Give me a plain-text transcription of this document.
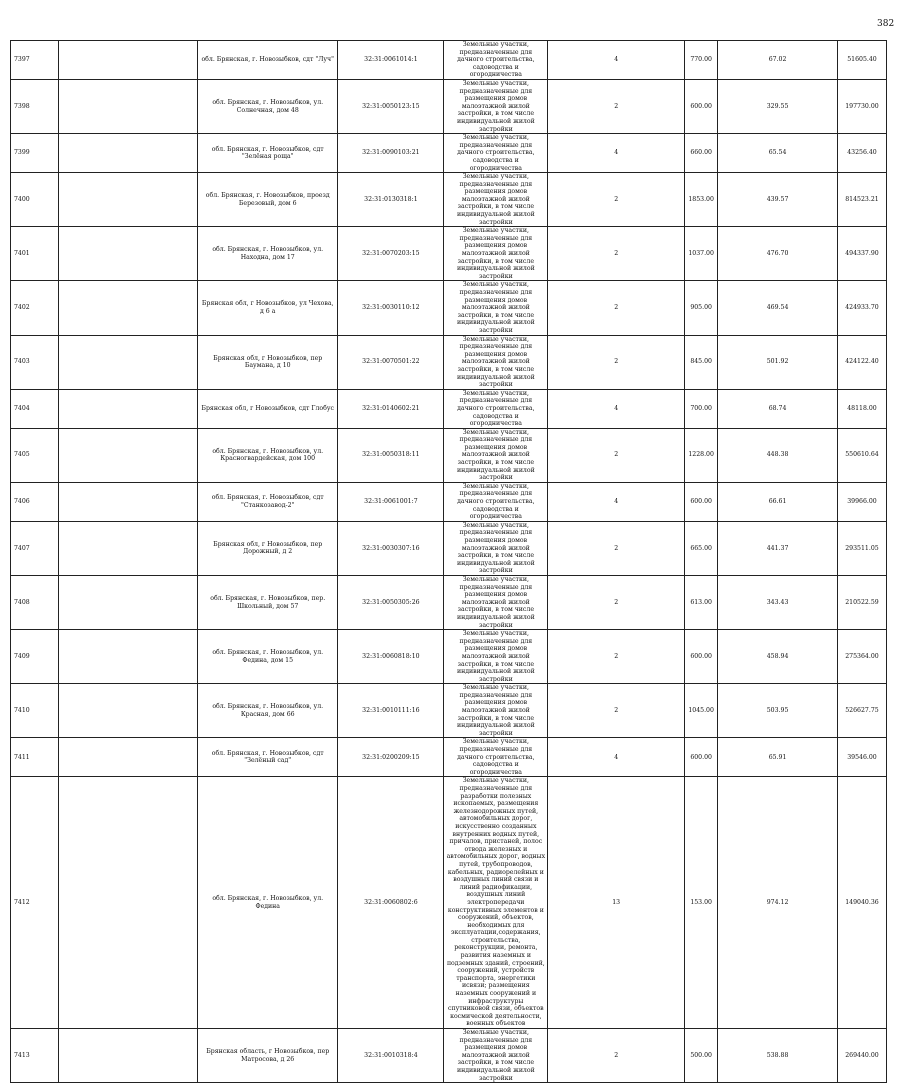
382
7397		обл. Брянская, г. Новозыбков, сдт "Луч"	32:31:0061014:1	Земельные участки, предназначенные для дачного строительства, садоводства и огородничества	4	770.00	67.02	51605.40
7398		обл. Брянская, г. Новозыбков, ул. Солнечная, дом 48	32:31:0050123:15	Земельные участки, предназначенные для размещения домов малоэтажной жилой застройки, в том числе индивидуальной жилой застройки	2	600.00	329.55	197730.00
7399		обл. Брянская, г. Новозыбков, сдт "Зелёная роща"	32:31:0090103:21	Земельные участки, предназначенные для дачного строительства, садоводства и огородничества	4	660.00	65.54	43256.40
7400		обл. Брянская, г. Новозыбков, проезд Березовый, дом 6	32:31:0130318:1	Земельные участки, предназначенные для размещения домов малоэтажной жилой застройки, в том числе индивидуальной жилой застройки	2	1853.00	439.57	814523.21
7401		обл. Брянская, г. Новозыбков, ул. Находна, дом 17	32:31:0070203:15	Земельные участки, предназначенные для размещения домов малоэтажной жилой застройки, в том числе индивидуальной жилой застройки	2	1037.00	476.70	494337.90
7402		Брянская обл, г Новозыбков, ул Чехова, д 6 а	32:31:0030110:12	Земельные участки, предназначенные для размещения домов малоэтажной жилой застройки, в том числе индивидуальной жилой застройки	2	905.00	469.54	424933.70
7403		Брянская обл, г Новозыбков, пер Баумана, д 10	32:31:0070501:22	Земельные участки, предназначенные для размещения домов малоэтажной жилой застройки, в том числе индивидуальной жилой застройки	2	845.00	501.92	424122.40
7404		Брянская обл, г Новозыбков, сдт Глобус	32:31:0140602:21	Земельные участки, предназначенные для дачного строительства, садоводства и огородничества	4	700.00	68.74	48118.00
7405		обл. Брянская, г. Новозыбков, ул. Красногвардейская, дом 100	32:31:0050318:11	Земельные участки, предназначенные для размещения домов малоэтажной жилой застройки, в том числе индивидуальной жилой застройки	2	1228.00	448.38	550610.64
7406		обл. Брянская, г. Новозыбков, сдт "Станкозавод-2"	32:31:0061001:7	Земельные участки, предназначенные для дачного строительства, садоводства и огородничества	4	600.00	66.61	39966.00
7407		Брянская обл, г Новозыбков, пер Дорожный, д 2	32:31:0030307:16	Земельные участки, предназначенные для размещения домов малоэтажной жилой застройки, в том числе индивидуальной жилой застройки	2	665.00	441.37	293511.05
7408		обл. Брянская, г. Новозыбков, пер. Школьный, дом 57	32:31:0050305:26	Земельные участки, предназначенные для размещения домов малоэтажной жилой застройки, в том числе индивидуальной жилой застройки	2	613.00	343.43	210522.59
7409		обл. Брянская, г. Новозыбков, ул. Федина, дом 15	32:31:0060818:10	Земельные участки, предназначенные для размещения домов малоэтажной жилой застройки, в том числе индивидуальной жилой застройки	2	600.00	458.94	275364.00
7410		обл. Брянская, г. Новозыбков, ул. Красная, дом 66	32:31:0010111:16	Земельные участки, предназначенные для размещения домов малоэтажной жилой застройки, в том числе индивидуальной жилой застройки	2	1045.00	503.95	526627.75
7411		обл. Брянская, г. Новозыбков, сдт "Зелёный сад"	32:31:0200209:15	Земельные участки, предназначенные для дачного строительства, садоводства и огородничества	4	600.00	65.91	39546.00
7412		обл. Брянская, г. Новозыбков, ул. Федина	32:31:0060802:6	Земельные участки, предназначенные для разработки полезных ископаемых, размещения железнодорожных путей, автомобильных дорог, искусственно созданных внутренних водных путей, причалов, пристаней, полос отвода железных и автомобильных дорог, водных путей, трубопроводов, кабельных, радиорелейных и воздушных линий связи и линий радиофикации, воздушных линий электропередачи конструктивных элементов и сооружений, объектов, необходимых для эксплуатации,содержания, строительства, реконструкции, ремонта, развития наземных и подземных зданий, строений, сооружений, устройств транспорта, энергетики исвязи; размещения наземных сооружений и инфраструктуры спутниковой связи, объектов космической деятельности, военных объектов	13	153.00	974.12	149040.36
7413		Брянская область, г Новозыбков, пер Матросова, д 26	32:31:0010318:4	Земельные участки, предназначенные для размещения домов малоэтажной жилой застройки, в том числе индивидуальной жилой застройки	2	500.00	538.88	269440.00
